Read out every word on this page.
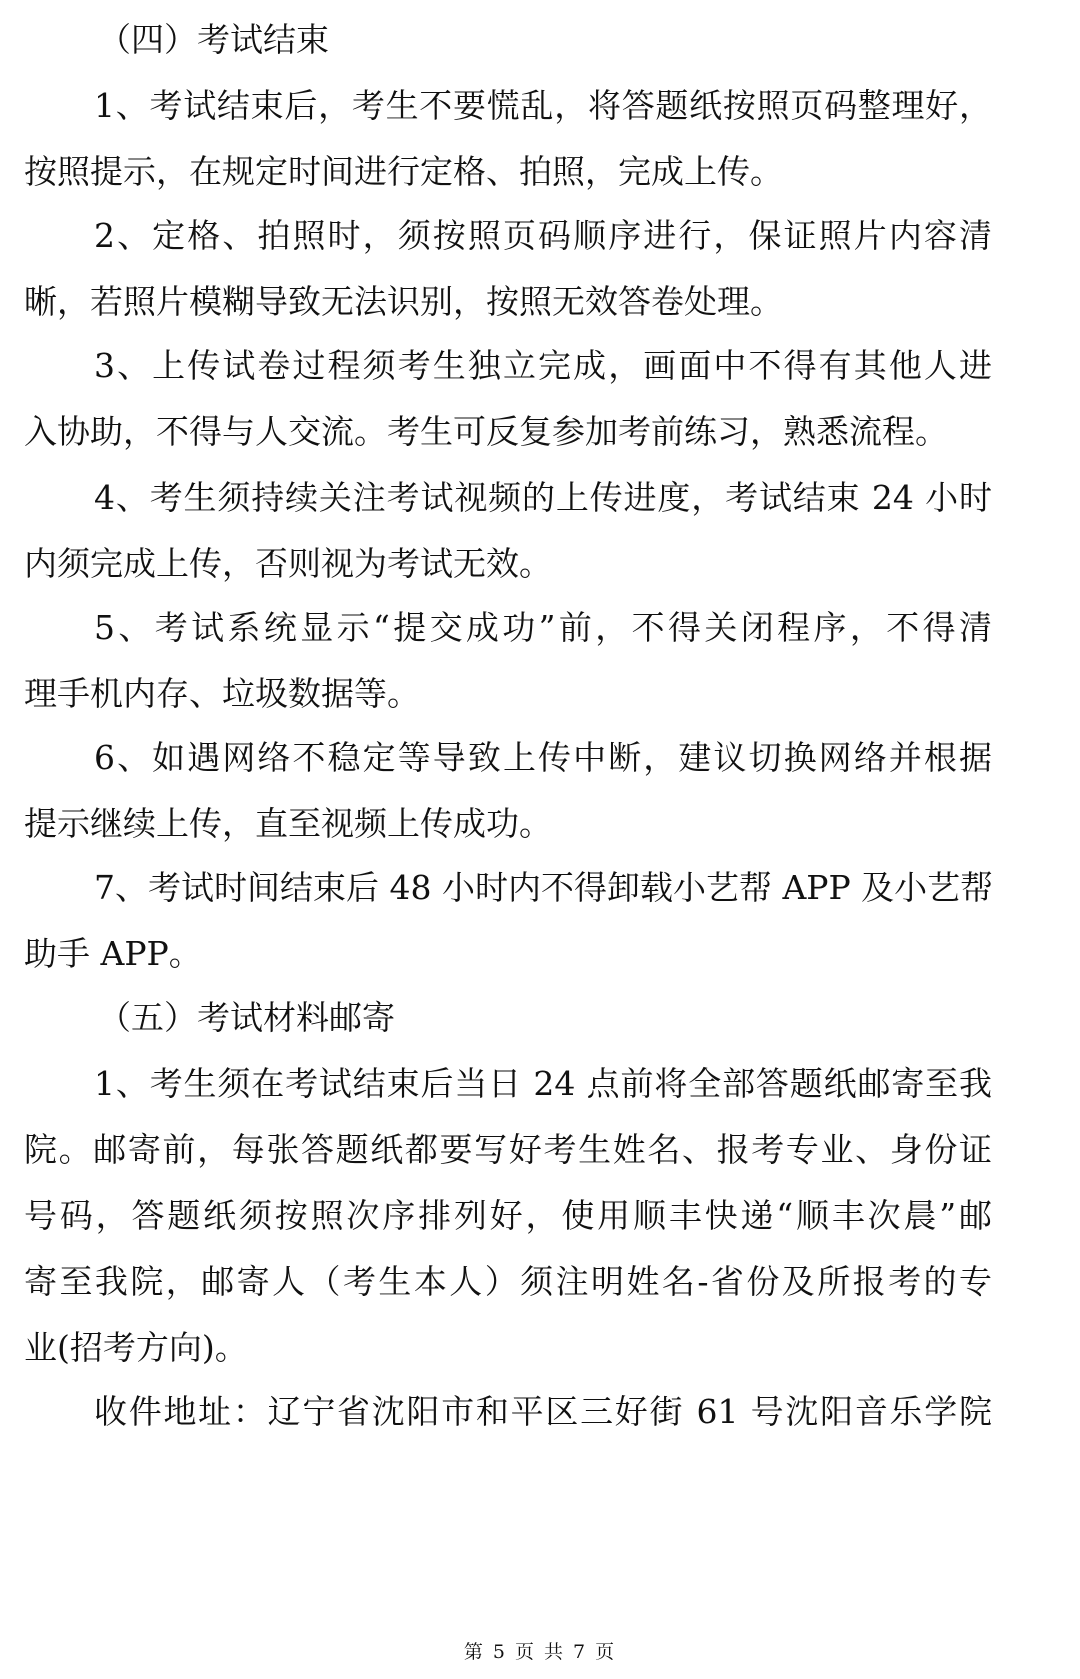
（四）考试结束
1、考试结束后，考生不要慌乱，将答题纸按照页码整理好，
按照提示，在规定时间进行定格、拍照，完成上传。
2、定格、拍照时，须按照页码顺序进行，保证照片内容清
晰，若照片模糊导致无法识别，按照无效答卷处理。
3、上传试卷过程须考生独立完成，画面中不得有其他人进
入协助，不得与人交流。考生可反复参加考前练习，熟悉流程。
4、考生须持续关注考试视频的上传进度，考试结束 24 小时
内须完成上传，否则视为考试无效。
5、考试系统显示“提交成功”前，不得关闭程序，不得清
理手机内存、垃圾数据等。
6、如遇网络不稳定等导致上传中断，建议切换网络并根据
提示继续上传，直至视频上传成功。
7、考试时间结束后 48 小时内不得卸载小艺帮 APP 及小艺帮
助手 APP。
（五）考试材料邮寄
1、考生须在考试结束后当日 24 点前将全部答题纸邮寄至我
院。邮寄前，每张答题纸都要写好考生姓名、报考专业、身份证
号码，答题纸须按照次序排列好，使用顺丰快递“顺丰次晨”邮
寄至我院，邮寄人（考生本人）须注明姓名-省份及所报考的专
业(招考方向)。
收件地址：辽宁省沈阳市和平区三好街 61 号沈阳音乐学院
第 5 页 共 7 页
